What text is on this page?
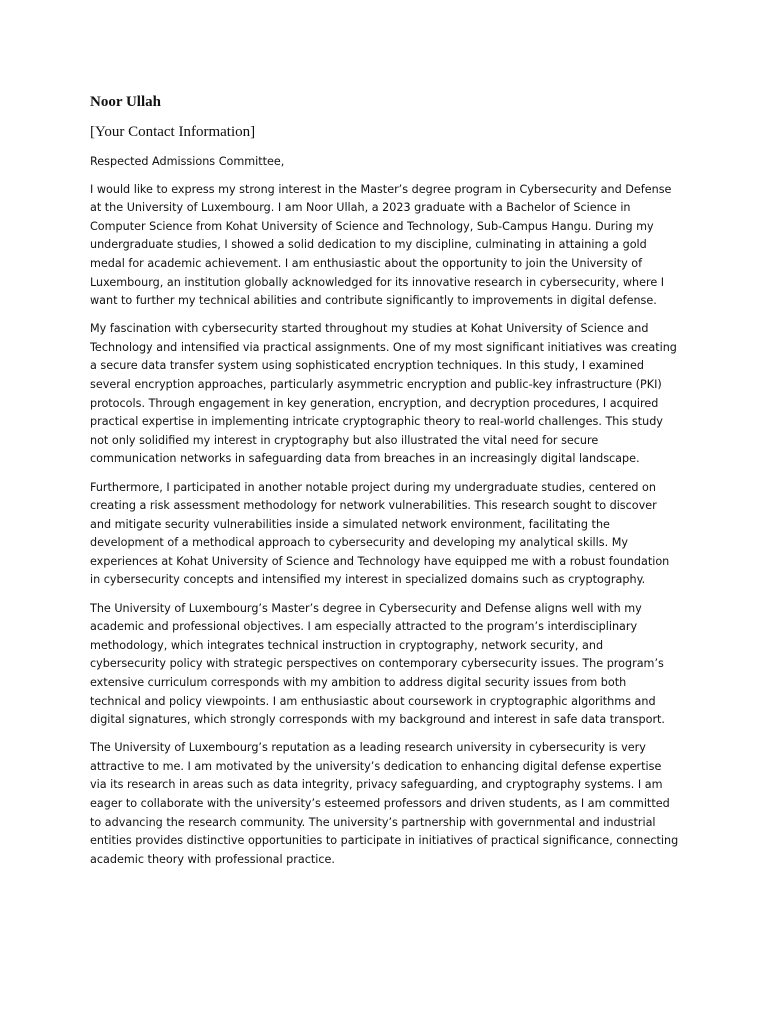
Noor Ullah
[Your Contact Information]

Respected Admissions Committee,

I would like to express my strong interest in the Master’s degree program in Cybersecurity and Defense at the University of Luxembourg. I am Noor Ullah, a 2023 graduate with a Bachelor of Science in Computer Science from Kohat University of Science and Technology, Sub-Campus Hangu. During my undergraduate studies, I showed a solid dedication to my discipline, culminating in attaining a gold medal for academic achievement. I am enthusiastic about the opportunity to join the University of Luxembourg, an institution globally acknowledged for its innovative research in cybersecurity, where I want to further my technical abilities and contribute significantly to improvements in digital defense.

My fascination with cybersecurity started throughout my studies at Kohat University of Science and Technology and intensified via practical assignments. One of my most significant initiatives was creating a secure data transfer system using sophisticated encryption techniques. In this study, I examined several encryption approaches, particularly asymmetric encryption and public-key infrastructure (PKI) protocols. Through engagement in key generation, encryption, and decryption procedures, I acquired practical expertise in implementing intricate cryptographic theory to real-world challenges. This study not only solidified my interest in cryptography but also illustrated the vital need for secure communication networks in safeguarding data from breaches in an increasingly digital landscape.

Furthermore, I participated in another notable project during my undergraduate studies, centered on creating a risk assessment methodology for network vulnerabilities. This research sought to discover and mitigate security vulnerabilities inside a simulated network environment, facilitating the development of a methodical approach to cybersecurity and developing my analytical skills. My experiences at Kohat University of Science and Technology have equipped me with a robust foundation in cybersecurity concepts and intensified my interest in specialized domains such as cryptography.

The University of Luxembourg’s Master’s degree in Cybersecurity and Defense aligns well with my academic and professional objectives. I am especially attracted to the program’s interdisciplinary methodology, which integrates technical instruction in cryptography, network security, and cybersecurity policy with strategic perspectives on contemporary cybersecurity issues. The program’s extensive curriculum corresponds with my ambition to address digital security issues from both technical and policy viewpoints. I am enthusiastic about coursework in cryptographic algorithms and digital signatures, which strongly corresponds with my background and interest in safe data transport.

The University of Luxembourg’s reputation as a leading research university in cybersecurity is very attractive to me. I am motivated by the university’s dedication to enhancing digital defense expertise via its research in areas such as data integrity, privacy safeguarding, and cryptography systems. I am eager to collaborate with the university’s esteemed professors and driven students, as I am committed to advancing the research community. The university’s partnership with governmental and industrial entities provides distinctive opportunities to participate in initiatives of practical significance, connecting academic theory with professional practice.
